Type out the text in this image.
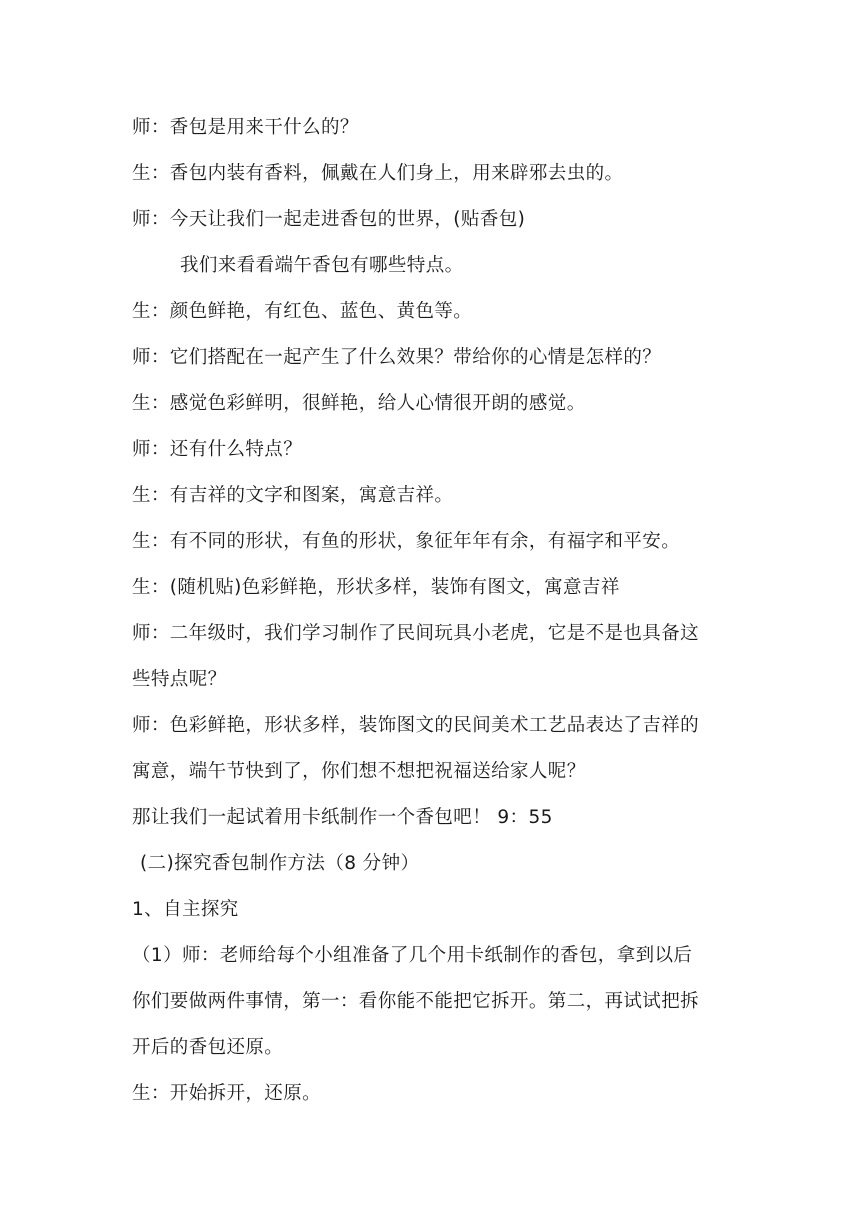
师：香包是用来干什么的？
生：香包内装有香料，佩戴在人们身上，用来辟邪去虫的。
师：今天让我们一起走进香包的世界，(贴香包)
我们来看看端午香包有哪些特点。
生：颜色鲜艳，有红色、蓝色、黄色等。
师：它们搭配在一起产生了什么效果？带给你的心情是怎样的？
生：感觉色彩鲜明，很鲜艳，给人心情很开朗的感觉。
师：还有什么特点？
生：有吉祥的文字和图案，寓意吉祥。
生：有不同的形状，有鱼的形状，象征年年有余，有福字和平安。
生：(随机贴)色彩鲜艳，形状多样，装饰有图文，寓意吉祥
师：二年级时，我们学习制作了民间玩具小老虎，它是不是也具备这
些特点呢？
师：色彩鲜艳，形状多样，装饰图文的民间美术工艺品表达了吉祥的
寓意，端午节快到了，你们想不想把祝福送给家人呢？
那让我们一起试着用卡纸制作一个香包吧！ 9：55
(二)探究香包制作方法（8 分钟）
1、自主探究
（1）师：老师给每个小组准备了几个用卡纸制作的香包，拿到以后
你们要做两件事情，第一：看你能不能把它拆开。第二，再试试把拆
开后的香包还原。
生：开始拆开，还原。
